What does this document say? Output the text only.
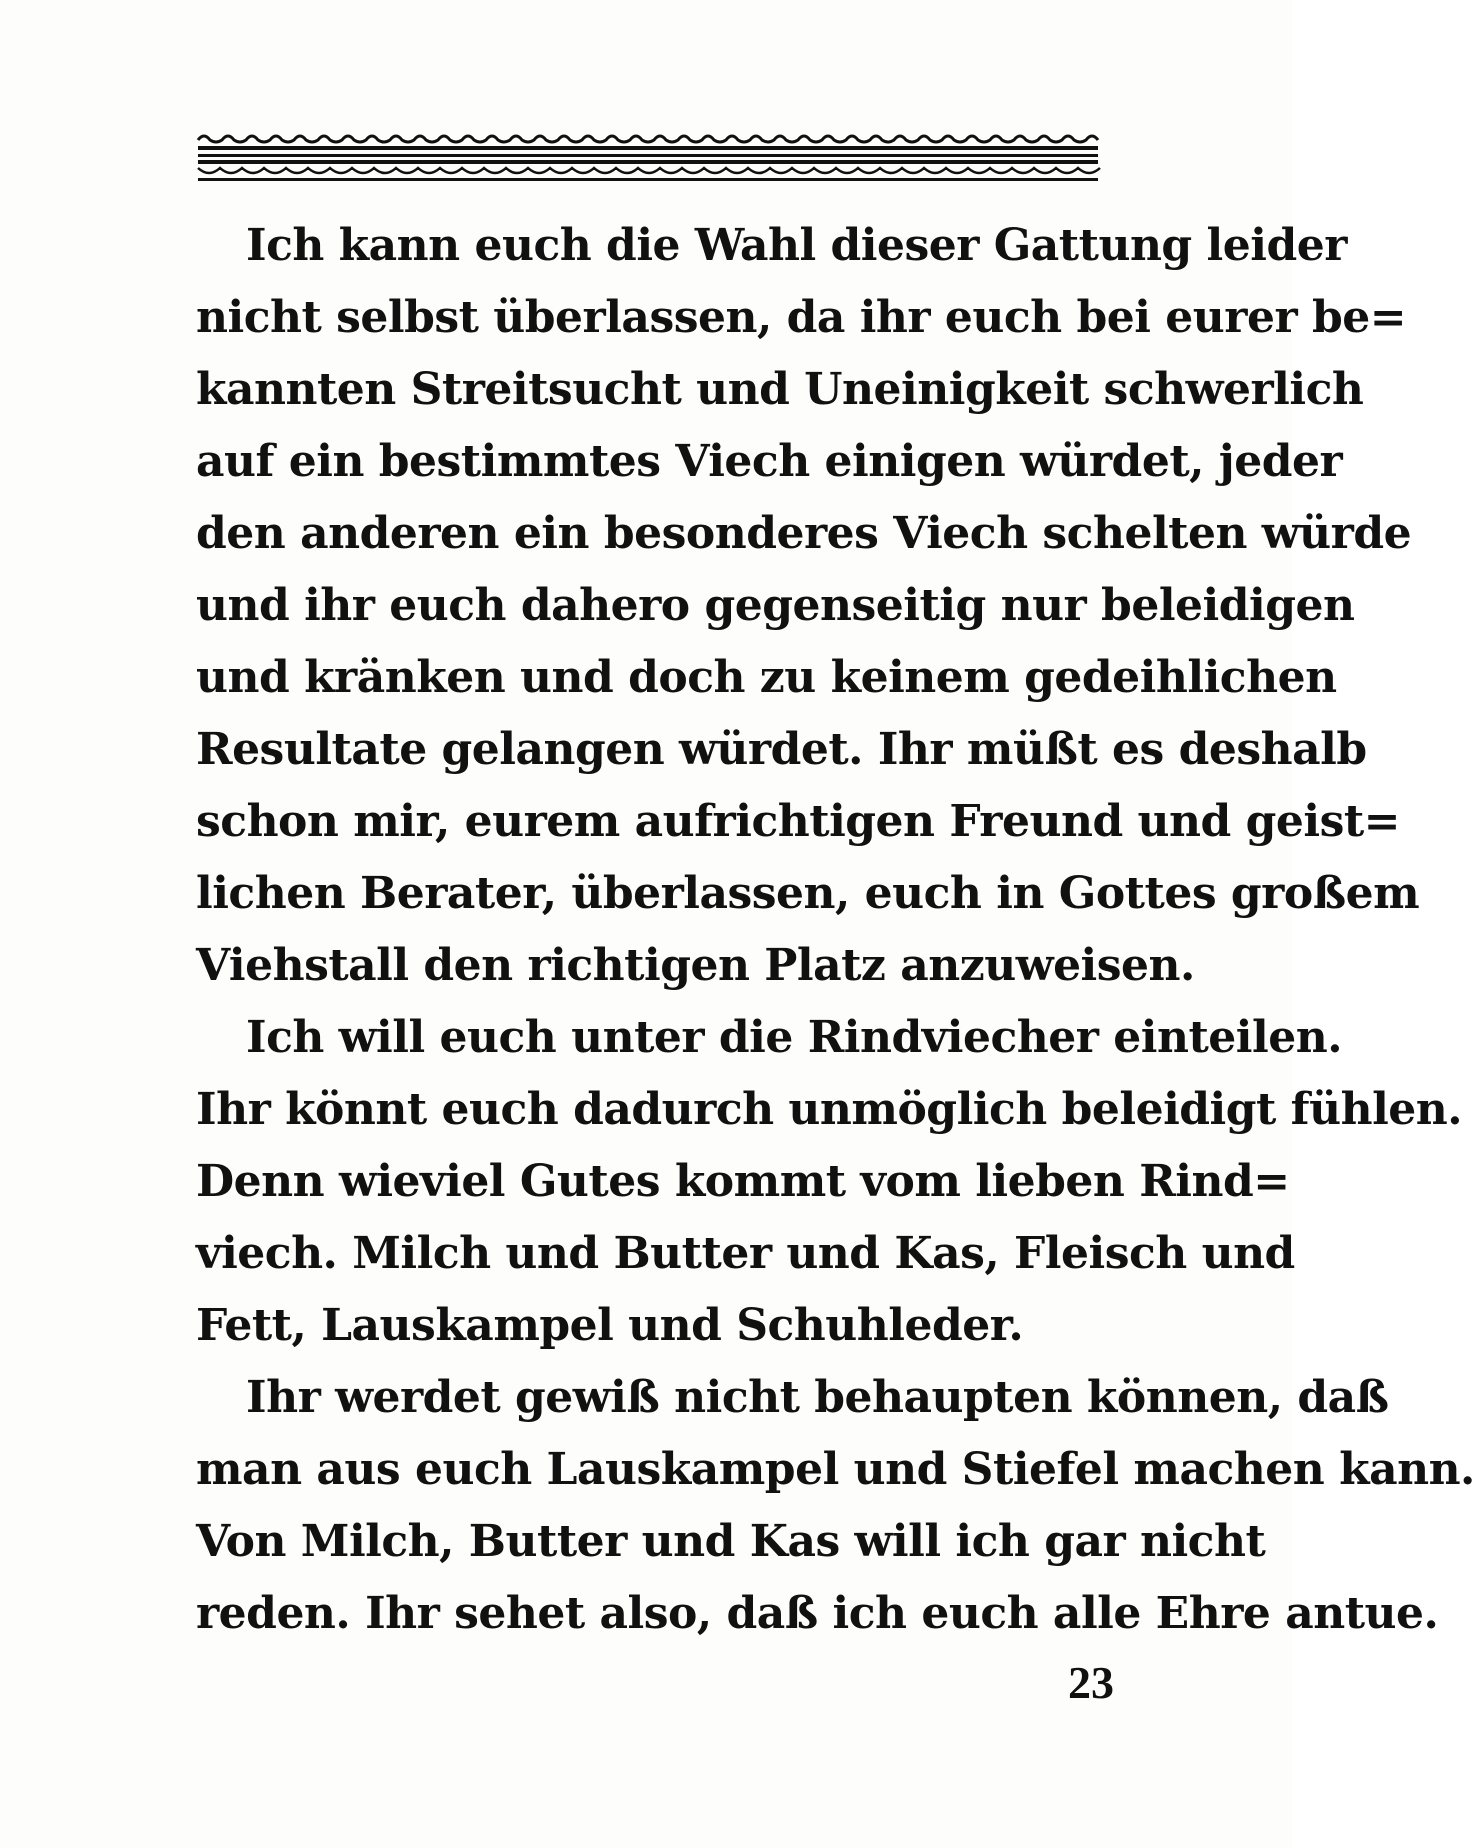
Ich kann euch die Wahl dieser Gattung leider
nicht selbst überlassen, da ihr euch bei eurer be=
kannten Streitsucht und Uneinigkeit schwerlich
auf ein bestimmtes Viech einigen würdet, jeder
den anderen ein besonderes Viech schelten würde
und ihr euch dahero gegenseitig nur beleidigen
und kränken und doch zu keinem gedeihlichen
Resultate gelangen würdet. Ihr müßt es deshalb
schon mir, eurem aufrichtigen Freund und geist=
lichen Berater, überlassen, euch in Gottes großem
Viehstall den richtigen Platz anzuweisen.
Ich will euch unter die Rindviecher einteilen.
Ihr könnt euch dadurch unmöglich beleidigt fühlen.
Denn wieviel Gutes kommt vom lieben Rind=
viech. Milch und Butter und Kas, Fleisch und
Fett, Lauskampel und Schuhleder.
Ihr werdet gewiß nicht behaupten können, daß
man aus euch Lauskampel und Stiefel machen kann.
Von Milch, Butter und Kas will ich gar nicht
reden. Ihr sehet also, daß ich euch alle Ehre antue.
23
